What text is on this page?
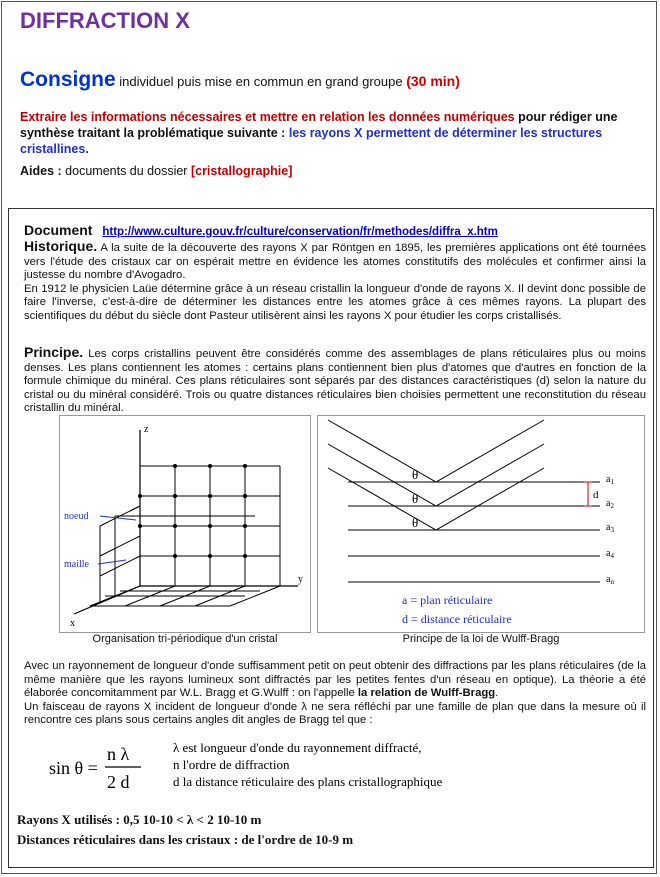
DIFFRACTION X
Consigne individuel puis mise en commun en grand groupe (30 min)
Extraire les informations nécessaires et mettre en relation les données numériques pour rédiger une synthèse traitant la problématique suivante : les rayons X permettent de déterminer les structures cristallines.
Aides : documents du dossier [cristallographie]
Document http://www.culture.gouv.fr/culture/conservation/fr/methodes/diffra_x.htm
Historique. A la suite de la découverte des rayons X par Röntgen en 1895, les premières applications ont été tournées vers l'étude des cristaux car on espérait mettre en évidence les atomes constitutifs des molécules et confirmer ainsi la justesse du nombre d'Avogadro.
En 1912 le physicien Laüe détermine grâce à un réseau cristallin la longueur d'onde de rayons X. Il devint donc possible de faire l'inverse, c'est-à-dire de déterminer les distances entre les atomes grâce à ces mêmes rayons. La plupart des scientifiques du début du siècle dont Pasteur utilisèrent ainsi les rayons X pour étudier les corps cristallisés.
Principe. Les corps cristallins peuvent être considérés comme des assemblages de plans réticulaires plus ou moins denses. Les plans contiennent les atomes : certains plans contiennent bien plus d'atomes que d'autres en fonction de la formule chimique du minéral. Ces plans réticulaires sont séparés par des distances caractéristiques (d) selon la nature du cristal ou du minéral considéré. Trois ou quatre distances réticulaires bien choisies permettent une reconstitution du réseau cristallin du minéral.
noeud
maille
z
y
x
Organisation tri-périodique d'un cristal
θ
θ
θ
d
$a_1$
$a_2$
$a_3$
$a_4$
$a_n$
a = plan réticulaire
d = distance réticulaire
Principe de la loi de Wulff-Bragg
Avec un rayonnement de longueur d'onde suffisamment petit on peut obtenir des diffractions par les plans réticulaires (de la même manière que les rayons lumineux sont diffractés par les petites fentes d'un réseau en optique). La théorie a été élaborée concomitamment par W.L. Bragg et G.Wulff : on l'appelle la relation de Wulff-Bragg.
Un faisceau de rayons X incident de longueur d'onde λ ne sera réfléchi par une famille de plan que dans la mesure où il rencontre ces plans sous certains angles dit angles de Bragg tel que :
sin θ =
n λ
2 d
λ est longueur d'onde du rayonnement diffracté,
n l'ordre de diffraction
d la distance réticulaire des plans cristallographique
Rayons X utilisés : 0,5 10-10 < λ < 2 10-10 m
Distances réticulaires dans les cristaux : de l'ordre de 10-9 m
